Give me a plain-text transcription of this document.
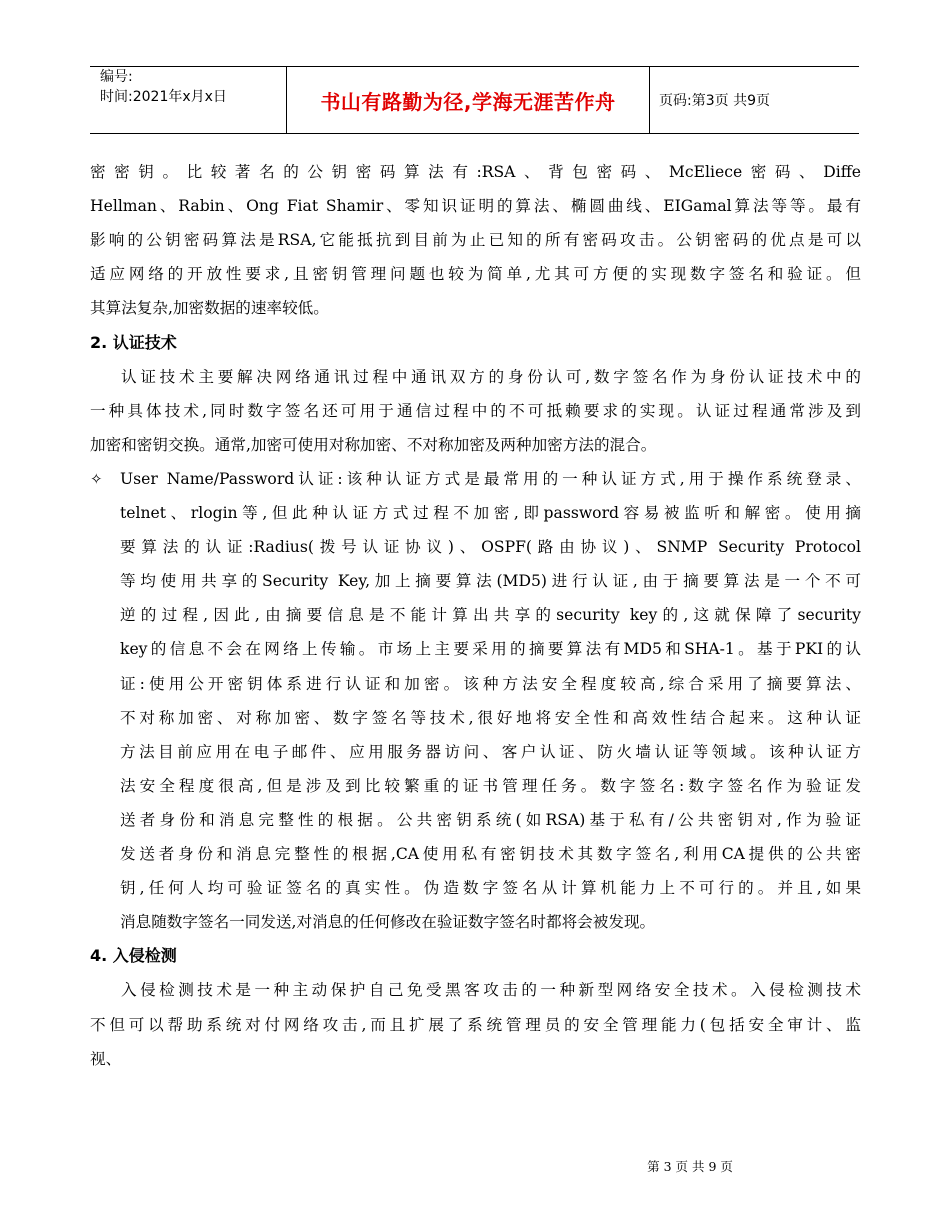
编号:
时间:2021年x月x日	书山有路勤为径,学海无涯苦作舟	页码:第3页 共9页
密密钥。比较著名的公钥密码算法有:RSA、背包密码、McEliece密码、Diffe
Hellman、Rabin、Ong Fiat Shamir、零知识证明的算法、椭圆曲线、EIGamal算法等等。最有
影响的公钥密码算法是RSA,它能抵抗到目前为止已知的所有密码攻击。公钥密码的优点是可以
适应网络的开放性要求,且密钥管理问题也较为简单,尤其可方便的实现数字签名和验证。但
其算法复杂,加密数据的速率较低。
2. 认证技术
认证技术主要解决网络通讯过程中通讯双方的身份认可,数字签名作为身份认证技术中的
一种具体技术,同时数字签名还可用于通信过程中的不可抵赖要求的实现。认证过程通常涉及到
加密和密钥交换。通常,加密可使用对称加密、不对称加密及两种加密方法的混合。
✧ User Name/Password认证:该种认证方式是最常用的一种认证方式,用于操作系统登录、
telnet、rlogin等,但此种认证方式过程不加密,即password容易被监听和解密。使用摘
要算法的认证:Radius(拨号认证协议)、OSPF(路由协议)、SNMP Security Protocol
等均使用共享的Security Key,加上摘要算法(MD5)进行认证,由于摘要算法是一个不可
逆的过程,因此,由摘要信息是不能计算出共享的security key的,这就保障了security
key的信息不会在网络上传输。市场上主要采用的摘要算法有MD5和SHA-1。基于PKI的认
证:使用公开密钥体系进行认证和加密。该种方法安全程度较高,综合采用了摘要算法、
不对称加密、对称加密、数字签名等技术,很好地将安全性和高效性结合起来。这种认证
方法目前应用在电子邮件、应用服务器访问、客户认证、防火墙认证等领域。该种认证方
法安全程度很高,但是涉及到比较繁重的证书管理任务。数字签名:数字签名作为验证发
送者身份和消息完整性的根据。公共密钥系统(如RSA)基于私有/公共密钥对,作为验证
发送者身份和消息完整性的根据,CA使用私有密钥技术其数字签名,利用CA提供的公共密
钥,任何人均可验证签名的真实性。伪造数字签名从计算机能力上不可行的。并且,如果
消息随数字签名一同发送,对消息的任何修改在验证数字签名时都将会被发现。
4. 入侵检测
入侵检测技术是一种主动保护自己免受黑客攻击的一种新型网络安全技术。入侵检测技术
不但可以帮助系统对付网络攻击,而且扩展了系统管理员的安全管理能力(包括安全审计、监
视、
第 3 页 共 9 页
